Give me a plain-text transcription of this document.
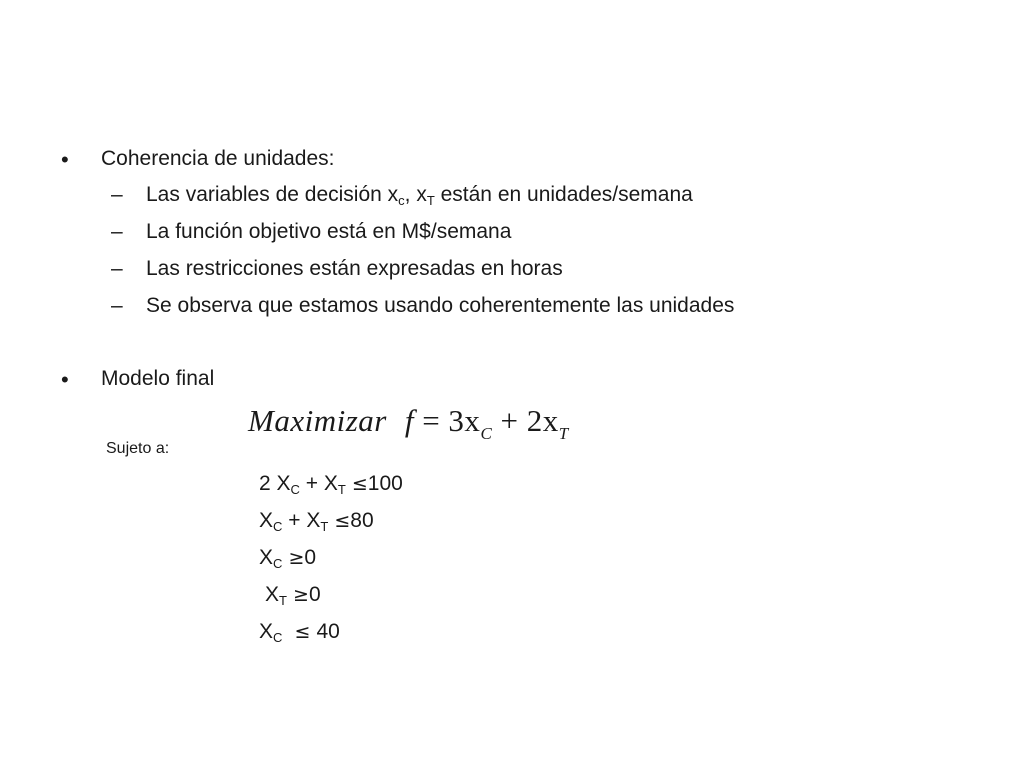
• Coherencia de unidades:
– Las variables de decisión $x_c$, $x_T$ están en unidades/semana
– La función objetivo está en M$/semana
– Las restricciones están expresadas en horas
– Se observa que estamos usando coherentemente las unidades
• Modelo final
Maximizar $f = 3x_C + 2x_T$
Sujeto a:
2 $X_C + X_T \le 100$
$X_C + X_T \le 80$
$X_C \ge 0$
$X_T \ge 0$
$X_C \le 40$
